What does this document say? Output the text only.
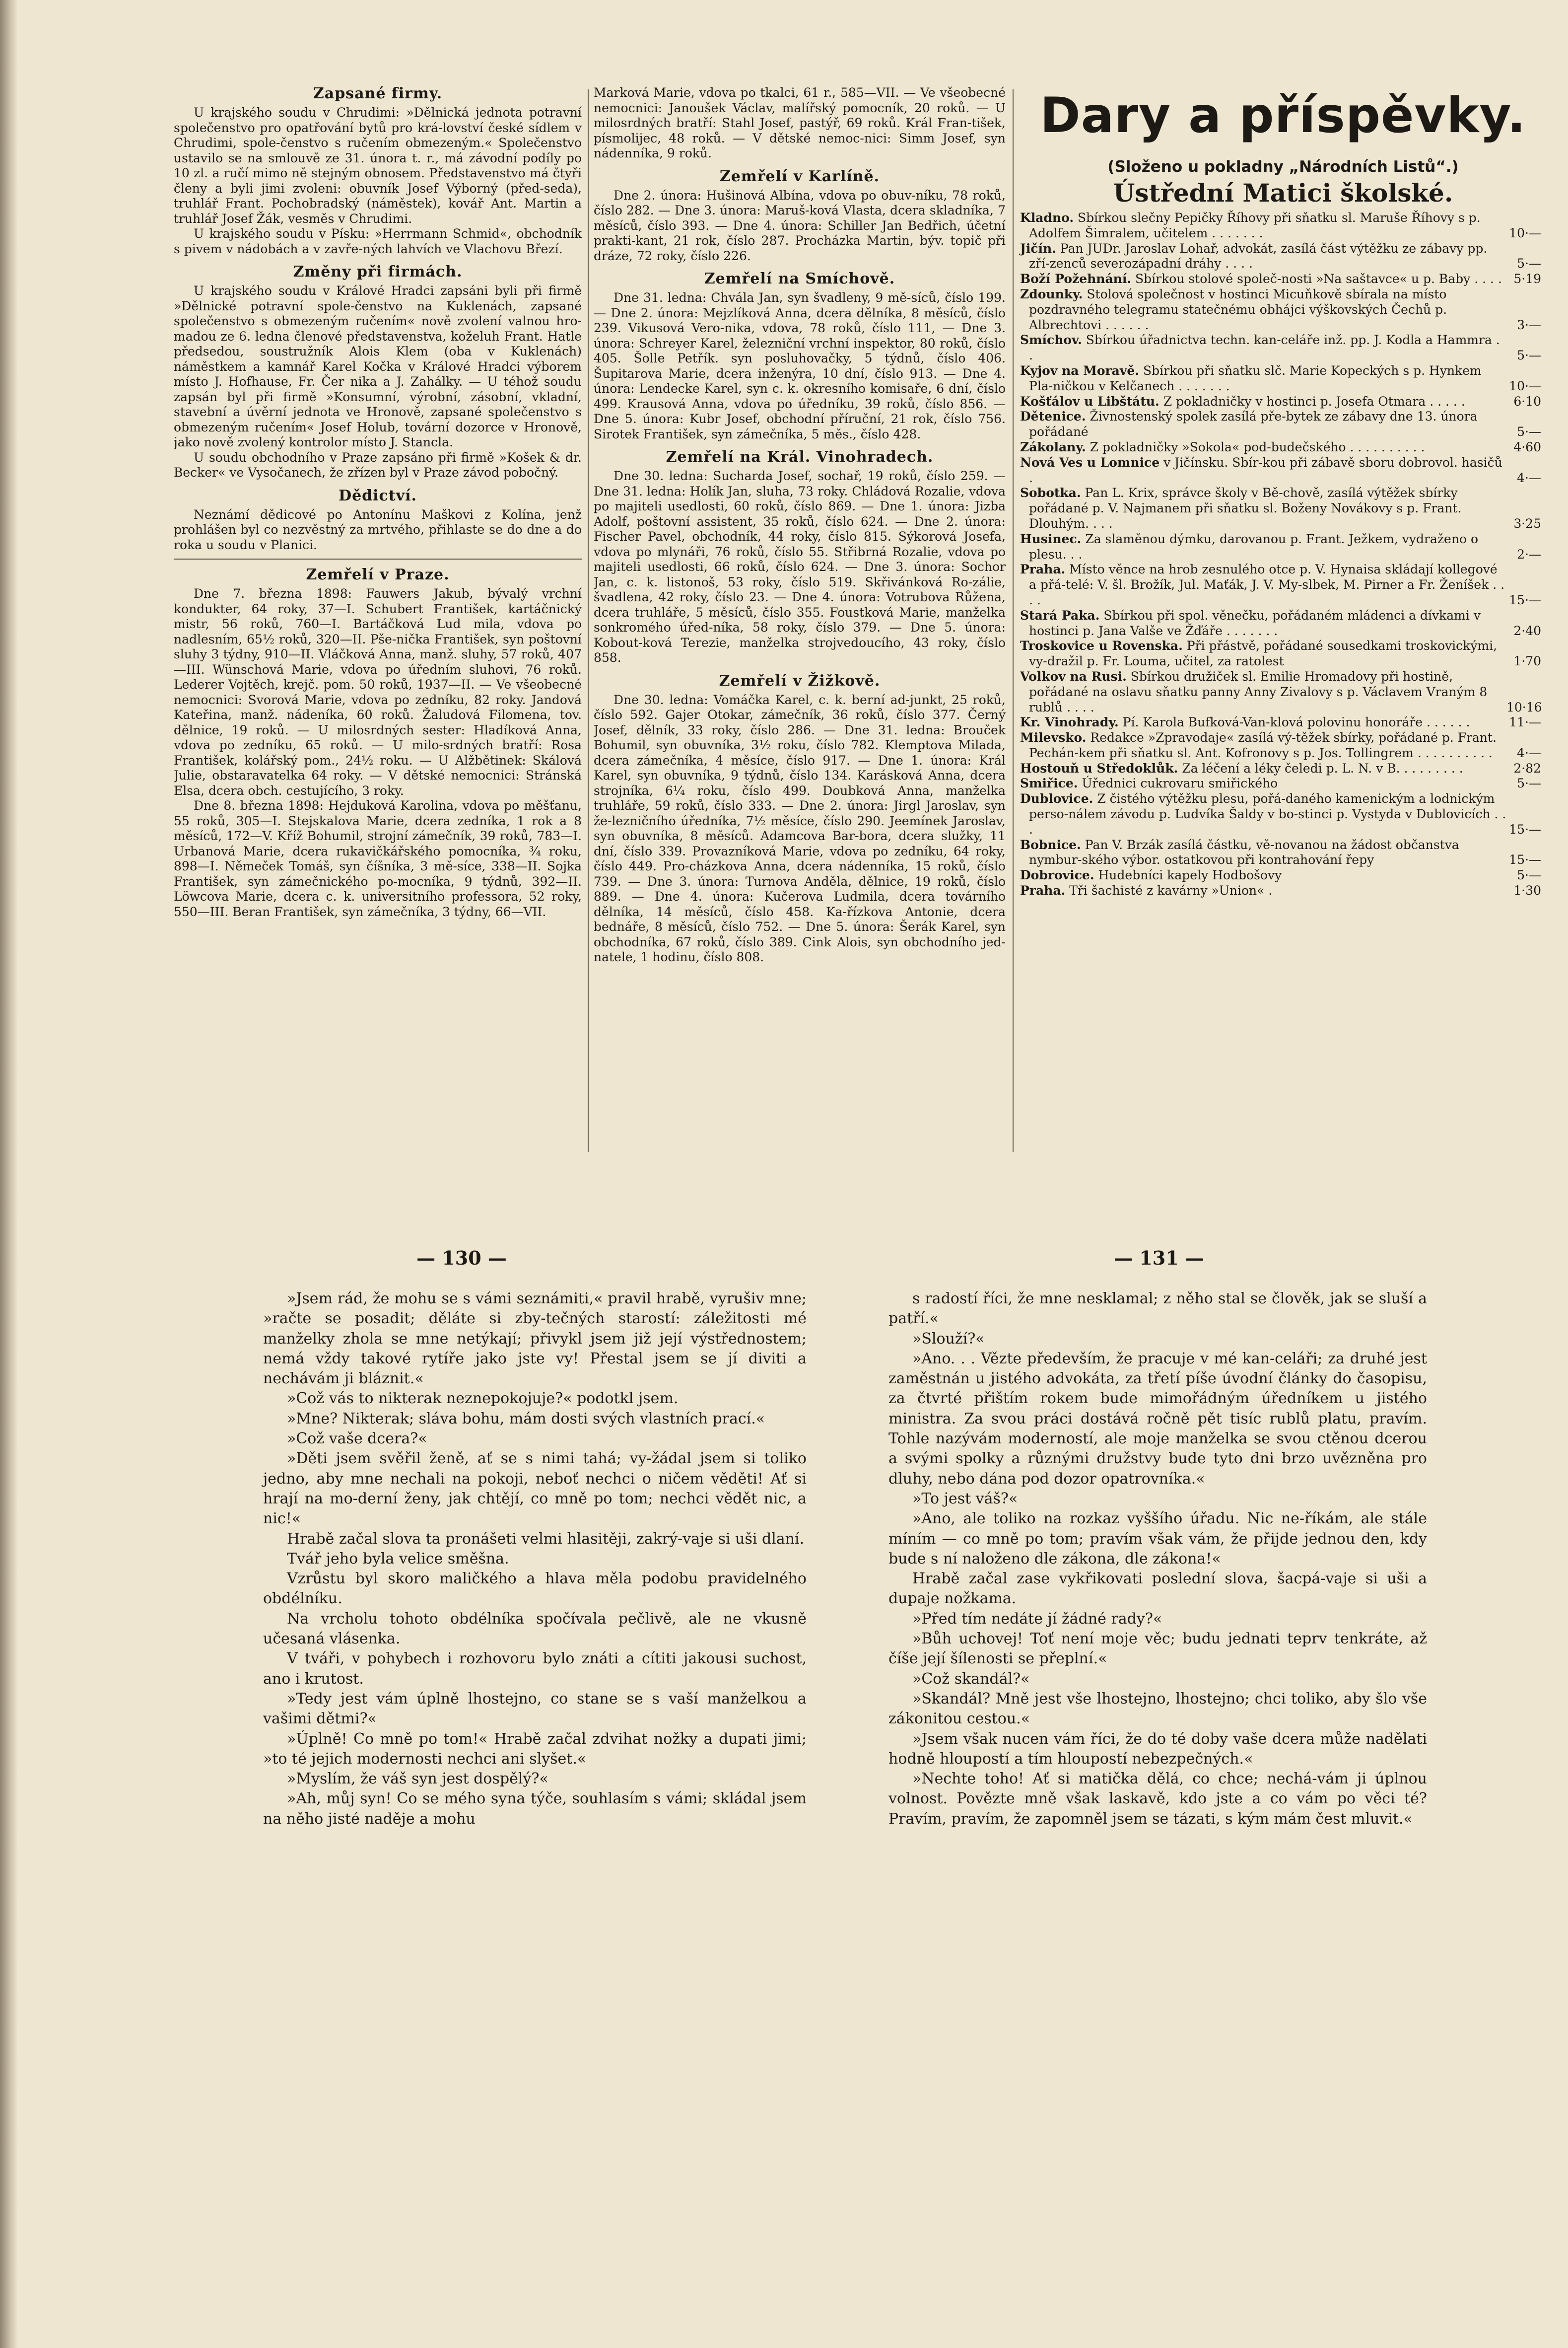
Zapsané firmy.

U krajského soudu v Chrudimi: »Dělnická jednota potravní společenstvo pro opatřování bytů pro krá-lovství české sídlem v Chrudimi, spole-čenstvo s ručením obmezeným.« Společenstvo ustavilo se na smlouvě ze 31. února t. r., má závodní podíly po 10 zl. a ručí mimo ně stejným obnosem. Představenstvo má čtyři členy a byli jimi zvoleni: obuvník Josef Výborný (před-seda), truhlář Frant. Pochobradský (náměstek), kovář Ant. Martin a truhlář Josef Žák, vesměs v Chrudimi.

U krajského soudu v Písku: »Herrmann Schmid«, obchodník s pivem v nádobách a v zavře-ných lahvích ve Vlachovu Březí.

Změny při firmách.

U krajského soudu v Králové Hradci zapsáni byli při firmě »Dělnické potravní spole-čenstvo na Kuklenách, zapsané společenstvo s obmezeným ručením« nově zvolení valnou hro-madou ze 6. ledna členové představenstva, koželuh Frant. Hatle předsedou, soustružník Alois Klem (oba v Kuklenách) náměstkem a kamnář Karel Kočka v Králové Hradci výborem místo J. Hofhause, Fr. Čer nika a J. Zahálky. — U téhož soudu zapsán byl při firmě »Konsumní, výrobní, zásobní, vkladní, stavební a úvěrní jednota ve Hronově, zapsané společenstvo s obmezeným ručením« Josef Holub, tovární dozorce v Hronově, jako nově zvolený kontrolor místo J. Stancla.

U soudu obchodního v Praze zapsáno při firmě »Košek & dr. Becker« ve Vysočanech, že zřízen byl v Praze závod pobočný.

Dědictví.

Neznámí dědicové po Antonínu Maškovi z Kolína, jenž prohlášen byl co nezvěstný za mrtvého, přihlaste se do dne a do roka u soudu v Planici.

Zemřelí v Praze.

Dne 7. března 1898: Fauwers Jakub, bývalý vrchní kondukter, 64 roky, 37—I. Schubert František, kartáčnický mistr, 56 roků, 760—I. Bartáčková Lud mila, vdova po nadlesním, 65½ roků, 320—II. Pše-nička František, syn poštovní sluhy 3 týdny, 910—II. Vláčková Anna, manž. sluhy, 57 roků, 407—III. Wünschová Marie, vdova po úředním sluhovi, 76 roků. Lederer Vojtěch, krejč. pom. 50 roků, 1937—II. — Ve všeobecné nemocnici: Svorová Marie, vdova po zedníku, 82 roky. Jandová Kateřina, manž. nádeníka, 60 roků. Žaludová Filomena, tov. dělnice, 19 roků. — U milosrdných sester: Hladíková Anna, vdova po zedníku, 65 roků. — U milo-srdných bratří: Rosa František, kolářský pom., 24½ roku. — U Alžbětinek: Skálová Julie, obstaravatelka 64 roky. — V dětské nemocnici: Stránská Elsa, dcera obch. cestujícího, 3 roky.

Dne 8. března 1898: Hejduková Karolina, vdova po měšťanu, 55 roků, 305—I. Stejskalova Marie, dcera zedníka, 1 rok a 8 měsíců, 172—V. Kříž Bohumil, strojní zámečník, 39 roků, 783—I. Urbanová Marie, dcera rukavičkářského pomocníka, ¾ roku, 898—I. Němeček Tomáš, syn číšníka, 3 mě-síce, 338—II. Sojka František, syn zámečnického po-mocníka, 9 týdnů, 392—II. Löwcova Marie, dcera c. k. universitního professora, 52 roky, 550—III. Beran František, syn zámečníka, 3 týdny, 66—VII.

Marková Marie, vdova po tkalci, 61 r., 585—VII. — Ve všeobecné nemocnici: Janoušek Václav, malířský pomocník, 20 roků. — U milosrdných bratří: Stahl Josef, pastýř, 69 roků. Král Fran-tišek, písmolijec, 48 roků. — V dětské nemoc-nici: Simm Josef, syn nádenníka, 9 roků.

Zemřelí v Karlíně.

Dne 2. února: Hušinová Albína, vdova po obuv-níku, 78 roků, číslo 282. — Dne 3. února: Maruš-ková Vlasta, dcera skladníka, 7 měsíců, číslo 393. — Dne 4. února: Schiller Jan Bedřich, účetní prakti-kant, 21 rok, číslo 287. Procházka Martin, býv. topič při dráze, 72 roky, číslo 226.

Zemřelí na Smíchově.

Dne 31. ledna: Chvála Jan, syn švadleny, 9 mě-síců, číslo 199. — Dne 2. února: Mejzlíková Anna, dcera dělníka, 8 měsíců, číslo 239. Vikusová Vero-nika, vdova, 78 roků, číslo 111, — Dne 3. února: Schreyer Karel, železniční vrchní inspektor, 80 roků, číslo 405. Šolle Petřík. syn posluhovačky, 5 týdnů, číslo 406. Šupitarova Marie, dcera inženýra, 10 dní, číslo 913. — Dne 4. února: Lendecke Karel, syn c. k. okresního komisaře, 6 dní, číslo 499. Krausová Anna, vdova po úředníku, 39 roků, číslo 856. — Dne 5. února: Kubr Josef, obchodní příruční, 21 rok, číslo 756. Sirotek František, syn zámečníka, 5 měs., číslo 428.

Zemřelí na Král. Vinohradech.

Dne 30. ledna: Sucharda Josef, sochař, 19 roků, číslo 259. — Dne 31. ledna: Holík Jan, sluha, 73 roky. Chládová Rozalie, vdova po majiteli usedlosti, 60 roků, číslo 869. — Dne 1. února: Jizba Adolf, poštovní assistent, 35 roků, číslo 624. — Dne 2. února: Fischer Pavel, obchodník, 44 roky, číslo 815. Sýkorová Josefa, vdova po mlynáři, 76 roků, číslo 55. Střibrná Rozalie, vdova po majiteli usedlosti, 66 roků, číslo 624. — Dne 3. února: Sochor Jan, c. k. listonoš, 53 roky, číslo 519. Skřivánková Ro-zálie, švadlena, 42 roky, číslo 23. — Dne 4. února: Votrubova Růžena, dcera truhláře, 5 měsíců, číslo 355. Foustková Marie, manželka sonkromého úřed-níka, 58 roky, číslo 379. — Dne 5. února: Kobout-ková Terezie, manželka strojvedoucího, 43 roky, číslo 858.

Zemřelí v Žižkově.

Dne 30. ledna: Vomáčka Karel, c. k. berní ad-junkt, 25 roků, číslo 592. Gajer Otokar, zámečník, 36 roků, číslo 377. Černý Josef, dělník, 33 roky, číslo 286. — Dne 31. ledna: Brouček Bohumil, syn obuvníka, 3½ roku, číslo 782. Klemptova Milada, dcera zámečníka, 4 měsíce, číslo 917. — Dne 1. února: Král Karel, syn obuvníka, 9 týdnů, číslo 134. Karásková Anna, dcera strojníka, 6¼ roku, číslo 499. Doubková Anna, manželka truhláře, 59 roků, číslo 333. — Dne 2. února: Jirgl Jaroslav, syn že-lezničního úředníka, 7½ měsíce, číslo 290. Jeemínek Jaroslav, syn obuvníka, 8 měsíců. Adamcova Bar-bora, dcera služky, 11 dní, číslo 339. Provazníková Marie, vdova po zedníku, 64 roky, číslo 449. Pro-cházkova Anna, dcera nádenníka, 15 roků, číslo 739. — Dne 3. února: Turnova Anděla, dělnice, 19 roků, číslo 889. — Dne 4. února: Kučerova Ludmila, dcera továrního dělníka, 14 měsíců, číslo 458. Ka-řízkova Antonie, dcera bednáře, 8 měsíců, číslo 752. — Dne 5. února: Šerák Karel, syn obchodníka, 67 roků, číslo 389. Cink Alois, syn obchodního jed-natele, 1 hodinu, číslo 808.

Dary a příspěvky.
(Složeno u pokladny „Národních Listů“.)
Ústřední Matici školské.
Kladno. Sbírkou slečny Pepičky Říhovy při sňatku sl. Maruše Říhovy s p. Adolfem Šimralem, učitelem . . . . . . .	10·—
Jičín. Pan JUDr. Jaroslav Lohař, advokát, zasílá část výtěžku ze zábavy pp. zří-zenců severozápadní dráhy . . . .	5·—
Boží Požehnání. Sbírkou stolové společ-nosti »Na saštavce« u p. Baby . . . . 5·19
Zdounky. Stolová společnost v hostinci Micuňkově sbírala na místo pozdravného telegramu statečnému obhájci výškovských Čechů p. Albrechtovi . . . . . .	3·—
Smíchov. Sbírkou úřadnictva techn. kan-celáře inž. pp. J. Kodla a Hammra . .	5·—
Kyjov na Moravě. Sbírkou při sňatku slč. Marie Kopeckých s p. Hynkem Pla-ničkou v Kelčanech . . . . . . .	10·—
Košťálov u Libštátu. Z pokladničky v hostinci p. Josefa Otmara . . . . .	6·10
Dětenice. Živnostenský spolek zasílá pře-bytek ze zábavy dne 13. února pořádané	5·—
Zákolany. Z pokladničky »Sokola« pod-budečského . . . . . . . . . .	4·60
Nová Ves u Lomnice v Jičínsku. Sbír-kou při zábavě sboru dobrovol. hasičů .	4·—
Sobotka. Pan L. Krix, správce školy v Bě-chově, zasílá výtěžek sbírky pořádané p. V. Najmanem při sňatku sl. Boženy Novákovy s p. Frant. Dlouhým. . . .	3·25
Husinec. Za slaměnou dýmku, darovanou p. Frant. Ježkem, vydraženo o plesu. . .	2·—
Praha. Místo věnce na hrob zesnulého otce p. V. Hynaisa skládají kollegové a přá-telé: V. šl. Brožík, Jul. Maťák, J. V. My-slbek, M. Pirner a Fr. Ženíšek . . . .	15·—
Stará Paka. Sbírkou při spol. věnečku, pořádaném mládenci a dívkami v hostinci p. Jana Valše ve Žďáře . . . . . . .	2·40
Troskovice u Rovenska. Při přástvě, pořádané sousedkami troskovickými, vy-dražil p. Fr. Louma, učitel, za ratolest	1·70
Volkov na Rusi. Sbírkou družiček sl. Emilie Hromadovy při hostině, pořádané na oslavu sňatku panny Anny Zivalovy s p. Václavem Vraným 8 rublů . . . .	10·16
Kr. Vinohrady. Pí. Karola Bufková-Van-klová polovinu honoráře . . . . . .	11·—
Milevsko. Redakce »Zpravodaje« zasílá vý-těžek sbírky, pořádané p. Frant. Pechán-kem při sňatku sl. Ant. Kofronovy s p. Jos. Tollingrem . . . . . . . . . .	4·—
Hostouň u Středoklůk. Za léčení a léky čeledi p. L. N. v B. . . . . . . . .	2·82
Smiřice. Úřednici cukrovaru smiřického	5·—
Dublovice. Z čistého výtěžku plesu, pořá-daného kamenickým a lodnickým perso-nálem závodu p. Ludvíka Šaldy v bo-stinci p. Vystyda v Dublovicích . . .	15·—
Bobnice. Pan V. Brzák zasílá částku, vě-novanou na žádost občanstva nymbur-ského výbor. ostatkovou při kontrahování řepy	15·—
Dobrovice. Hudebníci kapely Hodbošovy	5·—
Praha. Tři šachisté z kavárny »Union« .	1·30
— 130 —	— 131 —

»Jsem rád, že mohu se s vámi seznámiti,« pravil hrabě, vyrušiv mne; »račte se posadit; děláte si zby-tečných starostí: záležitosti mé manželky zhola se mne netýkají; přivykl jsem již její výstřednostem; nemá vždy takové rytíře jako jste vy! Přestal jsem se jí diviti a nechávám ji bláznit.«

»Což vás to nikterak neznepokojuje?« podotkl jsem.

»Mne? Nikterak; sláva bohu, mám dosti svých vlastních prací.«

»Což vaše dcera?«

»Děti jsem svěřil ženě, ať se s nimi tahá; vy-žádal jsem si toliko jedno, aby mne nechali na pokoji, neboť nechci o ničem věděti! Ať si hrají na mo-derní ženy, jak chtějí, co mně po tom; nechci vědět nic, a nic!«

Hrabě začal slova ta pronášeti velmi hlasitěji, zakrý-vaje si uši dlaní.

Tvář jeho byla velice směšna.

Vzrůstu byl skoro maličkého a hlava měla podobu pravidelného obdélníku.

Na vrcholu tohoto obdélníka spočívala pečlivě, ale ne vkusně učesaná vlásenka.

V tváři, v pohybech i rozhovoru bylo znáti a cítiti jakousi suchost, ano i krutost.

»Tedy jest vám úplně lhostejno, co stane se s vaší manželkou a vašimi dětmi?«

»Úplně! Co mně po tom!« Hrabě začal zdvihat nožky a dupati jimi; »to té jejich modernosti nechci ani slyšet.«

»Myslím, že váš syn jest dospělý?«

»Ah, můj syn! Co se mého syna týče, souhlasím s vámi; skládal jsem na něho jisté naděje a mohu

s radostí říci, že mne nesklamal; z něho stal se člověk, jak se sluší a patří.«

»Slouží?«

»Ano. . . Vězte především, že pracuje v mé kan-celáři; za druhé jest zaměstnán u jistého advokáta, za třetí píše úvodní články do časopisu, za čtvrté přištím rokem bude mimořádným úředníkem u jistého ministra. Za svou práci dostává ročně pět tisíc rublů platu, pravím. Tohle nazývám moderností, ale moje manželka se svou ctěnou dcerou a svými spolky a různými družstvy bude tyto dni brzo uvězněna pro dluhy, nebo dána pod dozor opatrovníka.«

»To jest váš?«

»Ano, ale toliko na rozkaz vyššího úřadu. Nic ne-říkám, ale stále míním — co mně po tom; pravím však vám, že přijde jednou den, kdy bude s ní naloženo dle zákona, dle zákona!«

Hrabě začal zase vykřikovati poslední slova, šacpá-vaje si uši a dupaje nožkama.

»Před tím nedáte jí žádné rady?«

»Bůh uchovej! Toť není moje věc; budu jednati teprv tenkráte, až číše její šílenosti se přeplní.«

»Což skandál?«

»Skandál? Mně jest vše lhostejno, lhostejno; chci toliko, aby šlo vše zákonitou cestou.«

»Jsem však nucen vám říci, že do té doby vaše dcera může nadělati hodně hloupostí a tím hloupostí nebezpečných.«

»Nechte toho! Ať si matička dělá, co chce; nechá-vám ji úplnou volnost. Povězte mně však laskavě, kdo jste a co vám po věci té? Pravím, pravím, že zapomněl jsem se tázati, s kým mám čest mluvit.«
